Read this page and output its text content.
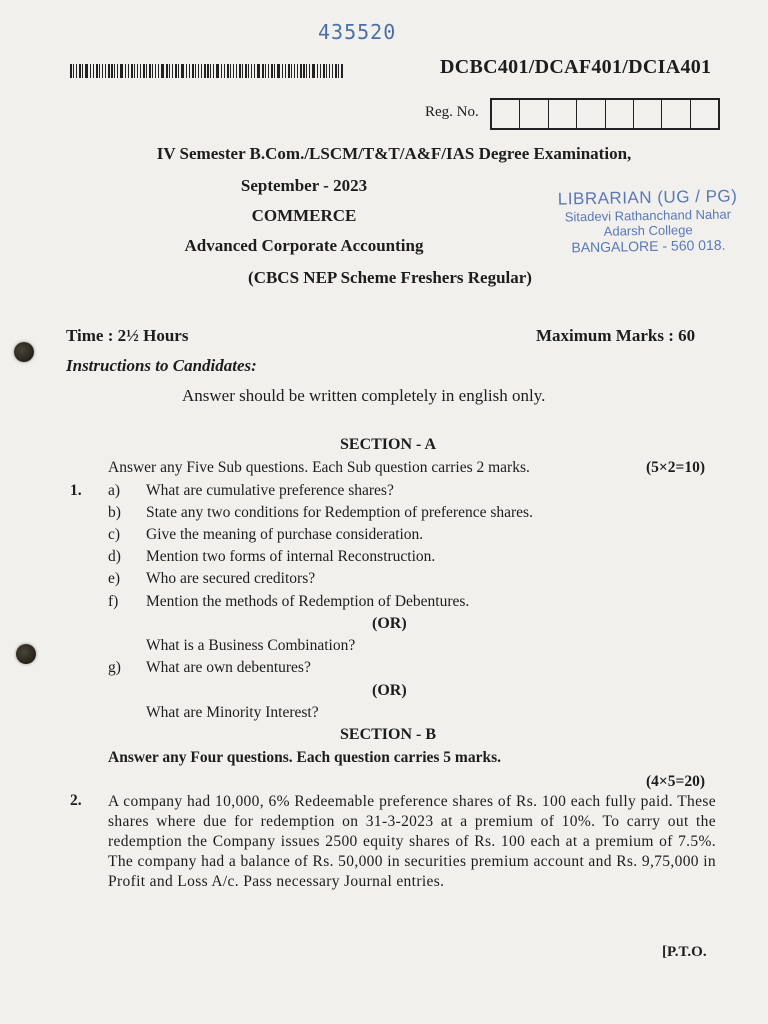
435520
DCBC401/DCAF401/DCIA401
Reg. No.
IV Semester B.Com./LSCM/T&T/A&F/IAS Degree Examination,
September - 2023
COMMERCE
Advanced Corporate Accounting
(CBCS NEP Scheme Freshers Regular)
LIBRARIAN (UG / PG)
Sitadevi Rathanchand Nahar
Adarsh College
BANGALORE - 560 018.
Time : 2½ Hours	Maximum Marks : 60
Instructions to Candidates:
Answer should be written completely in english only.
SECTION - A
Answer any Five Sub questions. Each Sub question carries 2 marks.	(5×2=10)
1. a) What are cumulative preference shares?
b) State any two conditions for Redemption of preference shares.
c) Give the meaning of purchase consideration.
d) Mention two forms of internal Reconstruction.
e) Who are secured creditors?
f) Mention the methods of Redemption of Debentures.
(OR)
What is a Business Combination?
g) What are own debentures?
(OR)
What are Minority Interest?
SECTION - B
Answer any Four questions. Each question carries 5 marks.
(4×5=20)
2. A company had 10,000, 6% Redeemable preference shares of Rs. 100 each fully paid. These shares where due for redemption on 31-3-2023 at a premium of 10%. To carry out the redemption the Company issues 2500 equity shares of Rs. 100 each at a premium of 7.5%. The company had a balance of Rs. 50,000 in securities premium account and Rs. 9,75,000 in Profit and Loss A/c. Pass necessary Journal entries.
[P.T.O.
